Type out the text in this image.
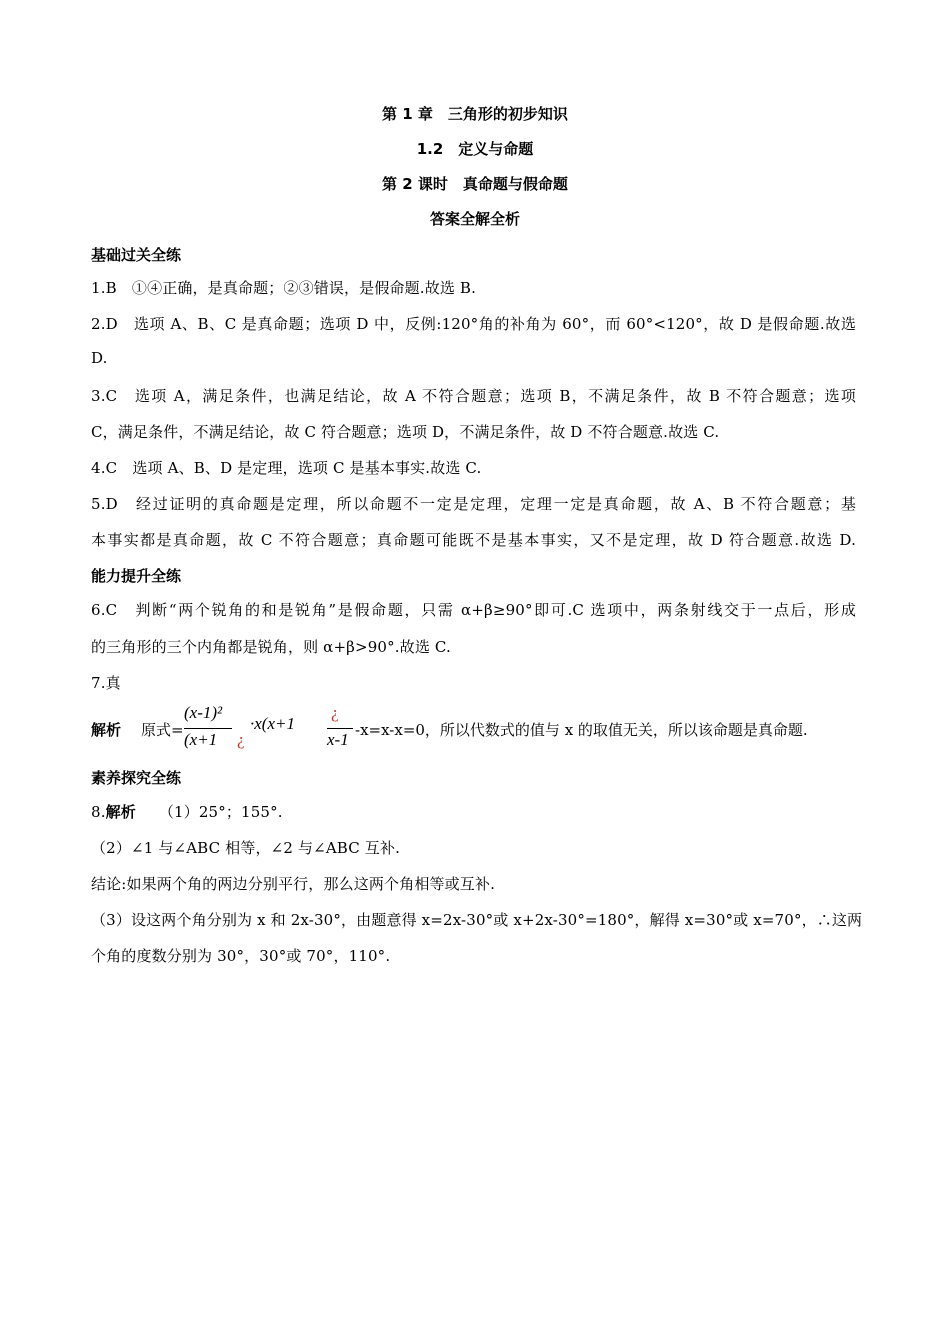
第 1 章　三角形的初步知识
1.2　定义与命题
第 2 课时　真命题与假命题
答案全解全析
基础过关全练
1.B　①④正确，是真命题；②③错误，是假命题.故选 B.
2.D　选项 A、B、C 是真命题；选项 D 中，反例:120°角的补角为 60°，而 60°<120°，故 D 是假命题.故选
D.
3.C　选项 A，满足条件，也满足结论，故 A 不符合题意；选项 B，不满足条件，故 B 不符合题意；选项
C，满足条件，不满足结论，故 C 符合题意；选项 D，不满足条件，故 D 不符合题意.故选 C.
4.C　选项 A、B、D 是定理，选项 C 是基本事实.故选 C.
5.D　经过证明的真命题是定理，所以命题不一定是定理，定理一定是真命题，故 A、B 不符合题意；基
本事实都是真命题，故 C 不符合题意；真命题可能既不是基本事实，又不是定理，故 D 符合题意.故选 D.
能力提升全练
6.C　判断“两个锐角的和是锐角”是假命题，只需 α+β≥90°即可.C 选项中，两条射线交于一点后，形成
的三角形的三个内角都是锐角，则 α+β>90°.故选 C.
7.真
解析 原式=
(x-1)²
(x+1 ¿
·x(x+1
¿
x-1 -x=x-x=0，所以代数式的值与 x 的取值无关，所以该命题是真命题.
素养探究全练
8.解析 （1）25°；155°.
（2）∠1 与∠ABC 相等，∠2 与∠ABC 互补.
结论:如果两个角的两边分别平行，那么这两个角相等或互补.
（3）设这两个角分别为 x 和 2x-30°，由题意得 x=2x-30°或 x+2x-30°=180°，解得 x=30°或 x=70°，∴这两
个角的度数分别为 30°，30°或 70°，110°.
